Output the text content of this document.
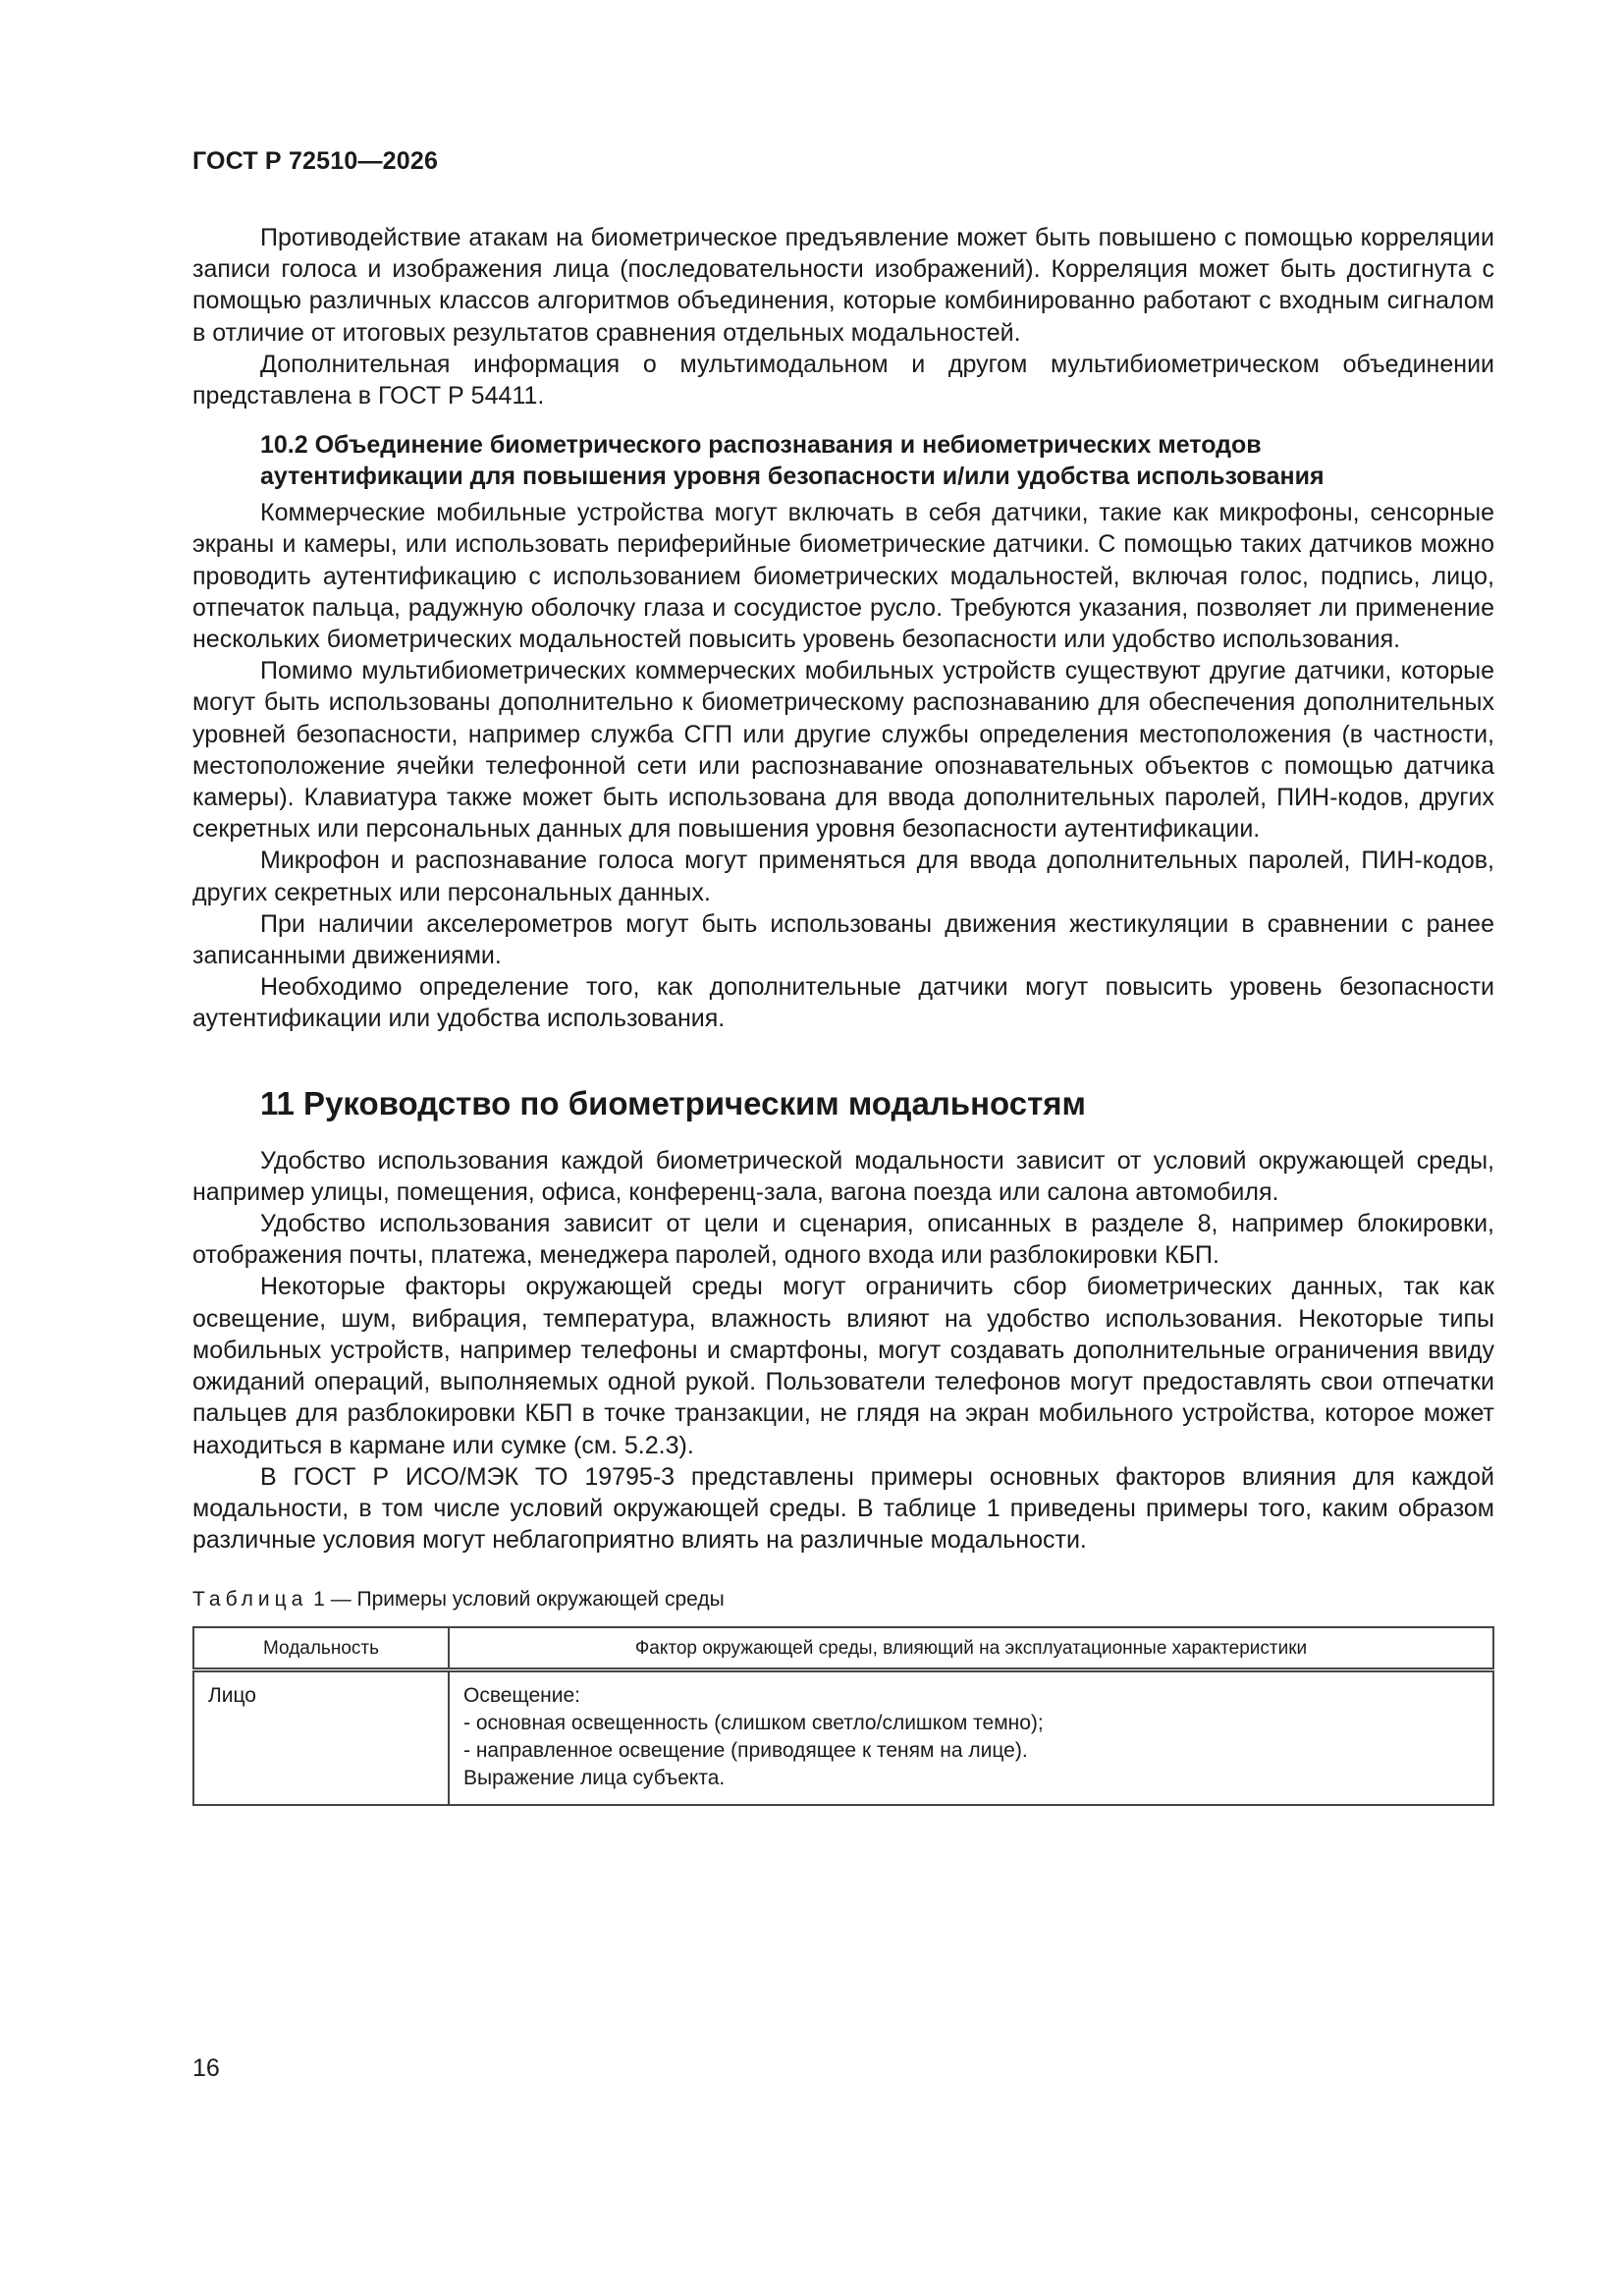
ГОСТ Р 72510—2026

Противодействие атакам на биометрическое предъявление может быть повышено с помощью корреляции записи голоса и изображения лица (последовательности изображений). Корреляция может быть достигнута с помощью различных классов алгоритмов объединения, которые комбинированно работают с входным сигналом в отличие от итоговых результатов сравнения отдельных модальностей.

Дополнительная информация о мультимодальном и другом мультибиометрическом объединении представлена в ГОСТ Р 54411.

10.2 Объединение биометрического распознавания и небиометрических методов
аутентификации для повышения уровня безопасности и/или удобства использования

Коммерческие мобильные устройства могут включать в себя датчики, такие как микрофоны, сенсорные экраны и камеры, или использовать периферийные биометрические датчики. С помощью таких датчиков можно проводить аутентификацию с использованием биометрических модальностей, включая голос, подпись, лицо, отпечаток пальца, радужную оболочку глаза и сосудистое русло. Требуются указания, позволяет ли применение нескольких биометрических модальностей повысить уровень безопасности или удобство использования.

Помимо мультибиометрических коммерческих мобильных устройств существуют другие датчики, которые могут быть использованы дополнительно к биометрическому распознаванию для обеспечения дополнительных уровней безопасности, например служба СГП или другие службы определения местоположения (в частности, местоположение ячейки телефонной сети или распознавание опознавательных объектов с помощью датчика камеры). Клавиатура также может быть использована для ввода дополнительных паролей, ПИН-кодов, других секретных или персональных данных для повышения уровня безопасности аутентификации.

Микрофон и распознавание голоса могут применяться для ввода дополнительных паролей, ПИН-кодов, других секретных или персональных данных.

При наличии акселерометров могут быть использованы движения жестикуляции в сравнении с ранее записанными движениями.

Необходимо определение того, как дополнительные датчики могут повысить уровень безопасности аутентификации или удобства использования.

11 Руководство по биометрическим модальностям

Удобство использования каждой биометрической модальности зависит от условий окружающей среды, например улицы, помещения, офиса, конференц-зала, вагона поезда или салона автомобиля.

Удобство использования зависит от цели и сценария, описанных в разделе 8, например блокировки, отображения почты, платежа, менеджера паролей, одного входа или разблокировки КБП.

Некоторые факторы окружающей среды могут ограничить сбор биометрических данных, так как освещение, шум, вибрация, температура, влажность влияют на удобство использования. Некоторые типы мобильных устройств, например телефоны и смартфоны, могут создавать дополнительные ограничения ввиду ожиданий операций, выполняемых одной рукой. Пользователи телефонов могут предоставлять свои отпечатки пальцев для разблокировки КБП в точке транзакции, не глядя на экран мобильного устройства, которое может находиться в кармане или сумке (см. 5.2.3).

В ГОСТ Р ИСО/МЭК ТО 19795-3 представлены примеры основных факторов влияния для каждой модальности, в том числе условий окружающей среды. В таблице 1 приведены примеры того, каким образом различные условия могут неблагоприятно влиять на различные модальности.

Таблица 1 — Примеры условий окружающей среды
Модальность	Фактор окружающей среды, влияющий на эксплуатационные характеристики
Лицо	Освещение:
- основная освещенность (слишком светло/слишком темно);
- направленное освещение (приводящее к теням на лице).
Выражение лица субъекта.
16
